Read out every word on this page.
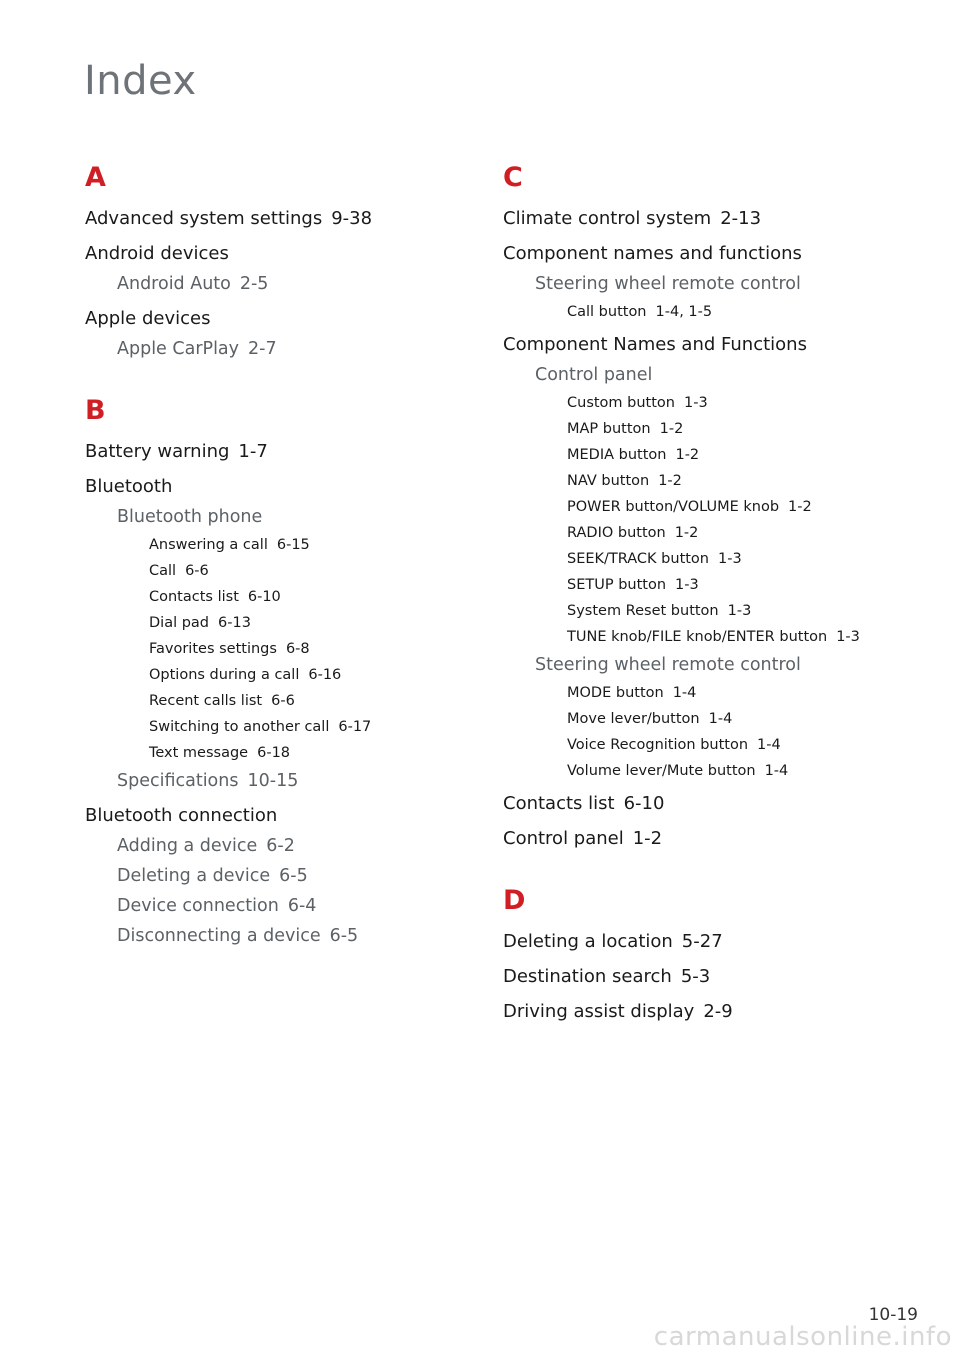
Index
A
Advanced system settings 9-38
Android devices
Android Auto 2-5
Apple devices
Apple CarPlay 2-7
B
Battery warning 1-7
Bluetooth
Bluetooth phone
Answering a call 6-15
Call 6-6
Contacts list 6-10
Dial pad 6-13
Favorites settings 6-8
Options during a call 6-16
Recent calls list 6-6
Switching to another call 6-17
Text message 6-18
Specifications 10-15
Bluetooth connection
Adding a device 6-2
Deleting a device 6-5
Device connection 6-4
Disconnecting a device 6-5
C
Climate control system 2-13
Component names and functions
Steering wheel remote control
Call button 1-4, 1-5
Component Names and Functions
Control panel
Custom button 1-3
MAP button 1-2
MEDIA button 1-2
NAV button 1-2
POWER button/VOLUME knob 1-2
RADIO button 1-2
SEEK/TRACK button 1-3
SETUP button 1-3
System Reset button 1-3
TUNE knob/FILE knob/ENTER button 1-3
Steering wheel remote control
MODE button 1-4
Move lever/button 1-4
Voice Recognition button 1-4
Volume lever/Mute button 1-4
Contacts list 6-10
Control panel 1-2
D
Deleting a location 5-27
Destination search 5-3
Driving assist display 2-9
10-19
carmanualsonline.info
